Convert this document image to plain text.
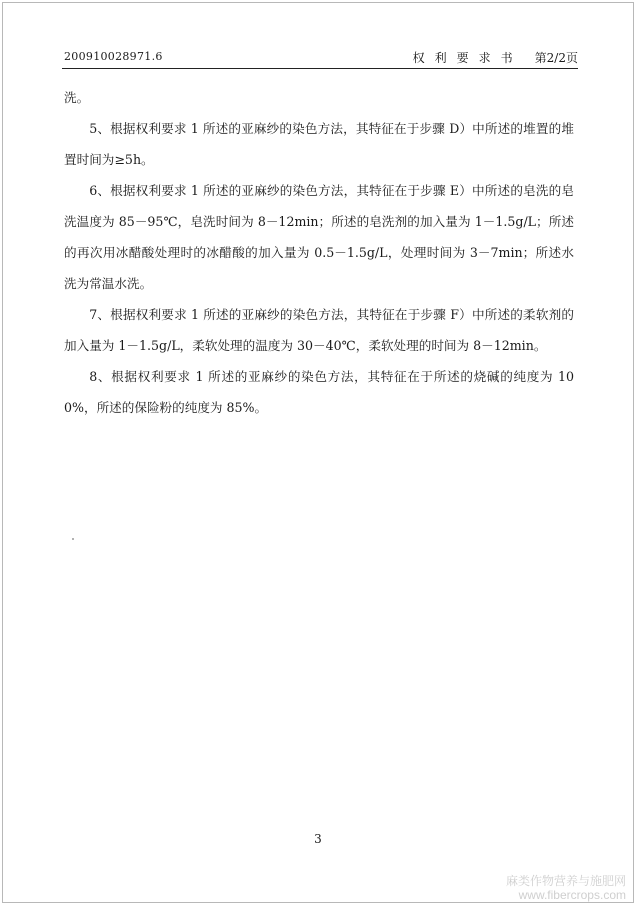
200910028971.6	权利要求书 第2/2页

洗。

5、根据权利要求 1 所述的亚麻纱的染色方法，其特征在于步骤 D）中所述的堆置的堆置时间为≥5h。

6、根据权利要求 1 所述的亚麻纱的染色方法，其特征在于步骤 E）中所述的皂洗的皂洗温度为 85－95℃，皂洗时间为 8－12min；所述的皂洗剂的加入量为 1－1.5g/L；所述的再次用冰醋酸处理时的冰醋酸的加入量为 0.5－1.5g/L，处理时间为 3－7min；所述水洗为常温水洗。

7、根据权利要求 1 所述的亚麻纱的染色方法，其特征在于步骤 F）中所述的柔软剂的加入量为 1－1.5g/L，柔软处理的温度为 30－40℃，柔软处理的时间为 8－12min。

8、根据权利要求 1 所述的亚麻纱的染色方法，其特征在于所述的烧碱的纯度为 100%，所述的保险粉的纯度为 85%。

3
麻类作物营养与施肥网
www.fibercrops.com
